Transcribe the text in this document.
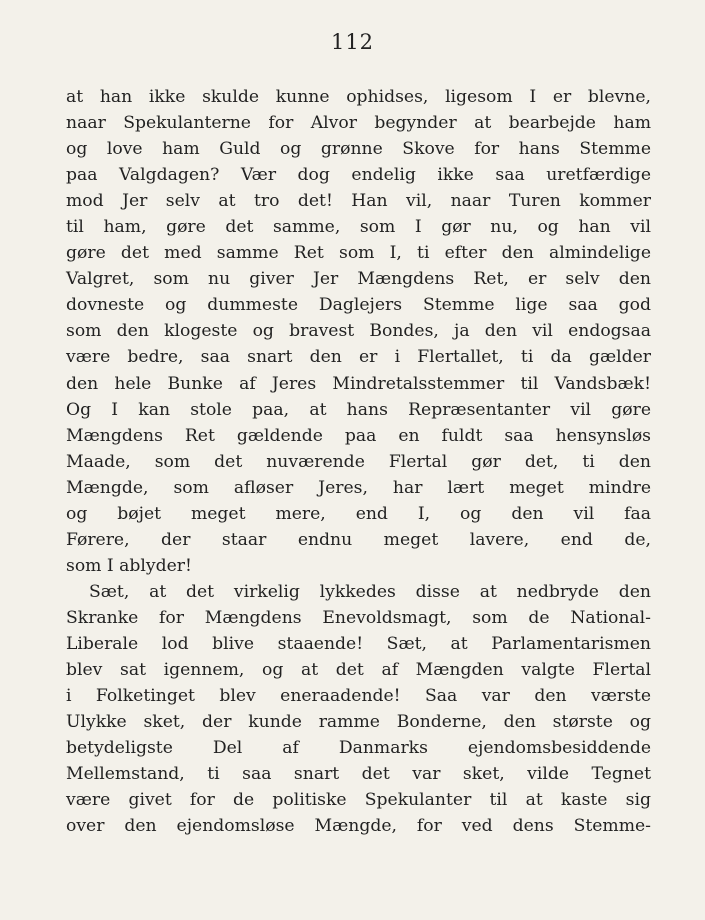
112
at han ikke skulde kunne ophidses, ligesom I er blevne,
naar Spekulanterne for Alvor begynder at bearbejde ham
og love ham Guld og grønne Skove for hans Stemme
paa Valgdagen? Vær dog endelig ikke saa uretfærdige
mod Jer selv at tro det! Han vil, naar Turen kommer
til ham, gøre det samme, som I gør nu, og han vil
gøre det med samme Ret som I, ti efter den almindelige
Valgret, som nu giver Jer Mængdens Ret, er selv den
dovneste og dummeste Daglejers Stemme lige saa god
som den klogeste og bravest Bondes, ja den vil endogsaa
være bedre, saa snart den er i Flertallet, ti da gælder
den hele Bunke af Jeres Mindretalsstemmer til Vandsbæk!
Og I kan stole paa, at hans Repræsentanter vil gøre
Mængdens Ret gældende paa en fuldt saa hensynsløs
Maade, som det nuværende Flertal gør det, ti den
Mængde, som afløser Jeres, har lært meget mindre
og bøjet meget mere, end I, og den vil faa
Førere, der staar endnu meget lavere, end de,
som I ablyder!
Sæt, at det virkelig lykkedes disse at nedbryde den
Skranke for Mængdens Enevoldsmagt, som de National-
Liberale lod blive staaende! Sæt, at Parlamentarismen
blev sat igennem, og at det af Mængden valgte Flertal
i Folketinget blev eneraadende! Saa var den værste
Ulykke sket, der kunde ramme Bonderne, den største og
betydeligste Del af Danmarks ejendomsbesiddende
Mellemstand, ti saa snart det var sket, vilde Tegnet
være givet for de politiske Spekulanter til at kaste sig
over den ejendomsløse Mængde, for ved dens Stemme-
